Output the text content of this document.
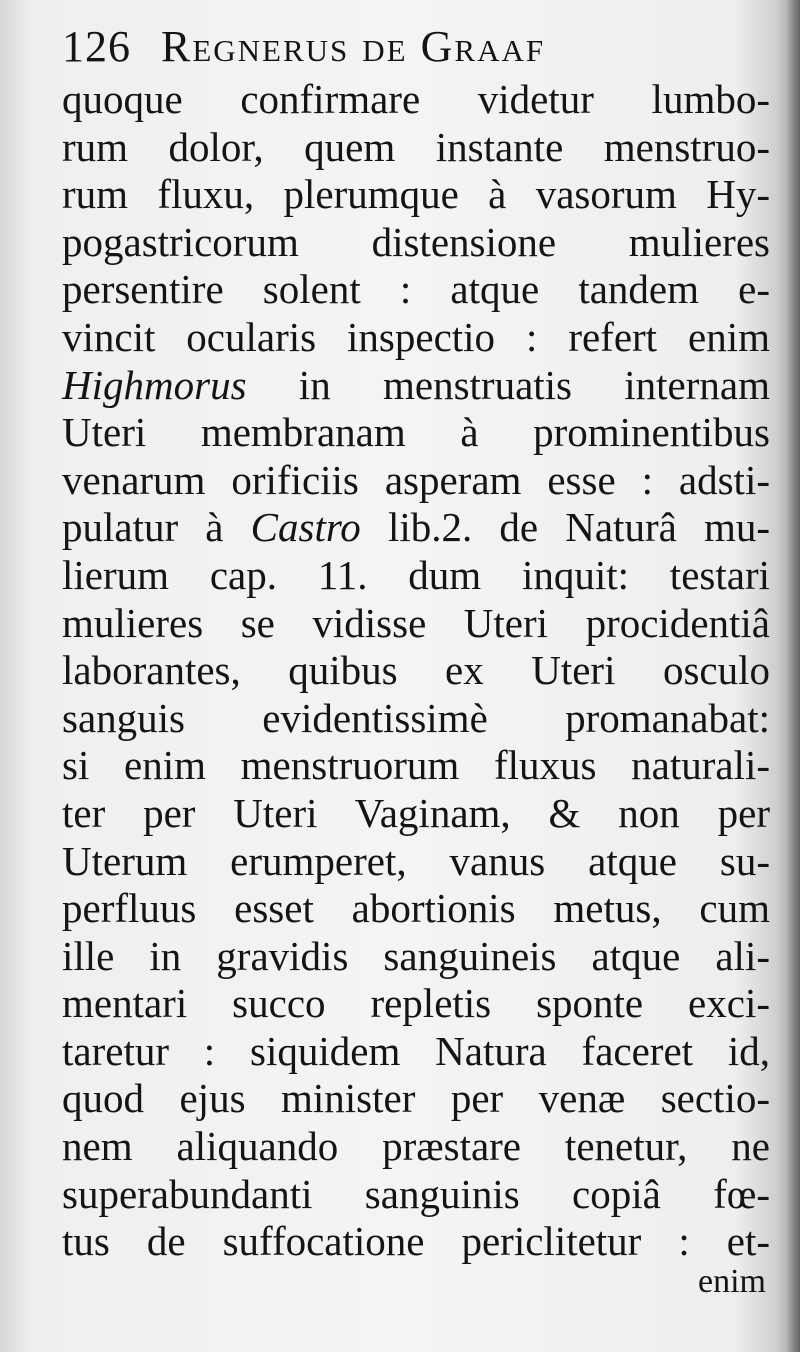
126 Regnerus de Graaf
quoque confirmare videtur lumbo-
rum dolor, quem instante menstruo-
rum fluxu, plerumque à vasorum Hy-
pogastricorum distensione mulieres
persentire solent : atque tandem e-
vincit ocularis inspectio : refert enim
Highmorus in menstruatis internam
Uteri membranam à prominentibus
venarum orificiis asperam esse : adsti-
pulatur à Castro lib.2. de Naturâ mu-
lierum cap. 11. dum inquit: testari
mulieres se vidisse Uteri procidentiâ
laborantes, quibus ex Uteri osculo
sanguis evidentissimè promanabat:
si enim menstruorum fluxus naturali-
ter per Uteri Vaginam, & non per
Uterum erumperet, vanus atque su-
perfluus esset abortionis metus, cum
ille in gravidis sanguineis atque ali-
mentari succo repletis sponte exci-
taretur : siquidem Natura faceret id,
quod ejus minister per venæ sectio-
nem aliquando præstare tenetur, ne
superabundanti sanguinis copiâ fœ-
tus de suffocatione periclitetur : et-
enim
